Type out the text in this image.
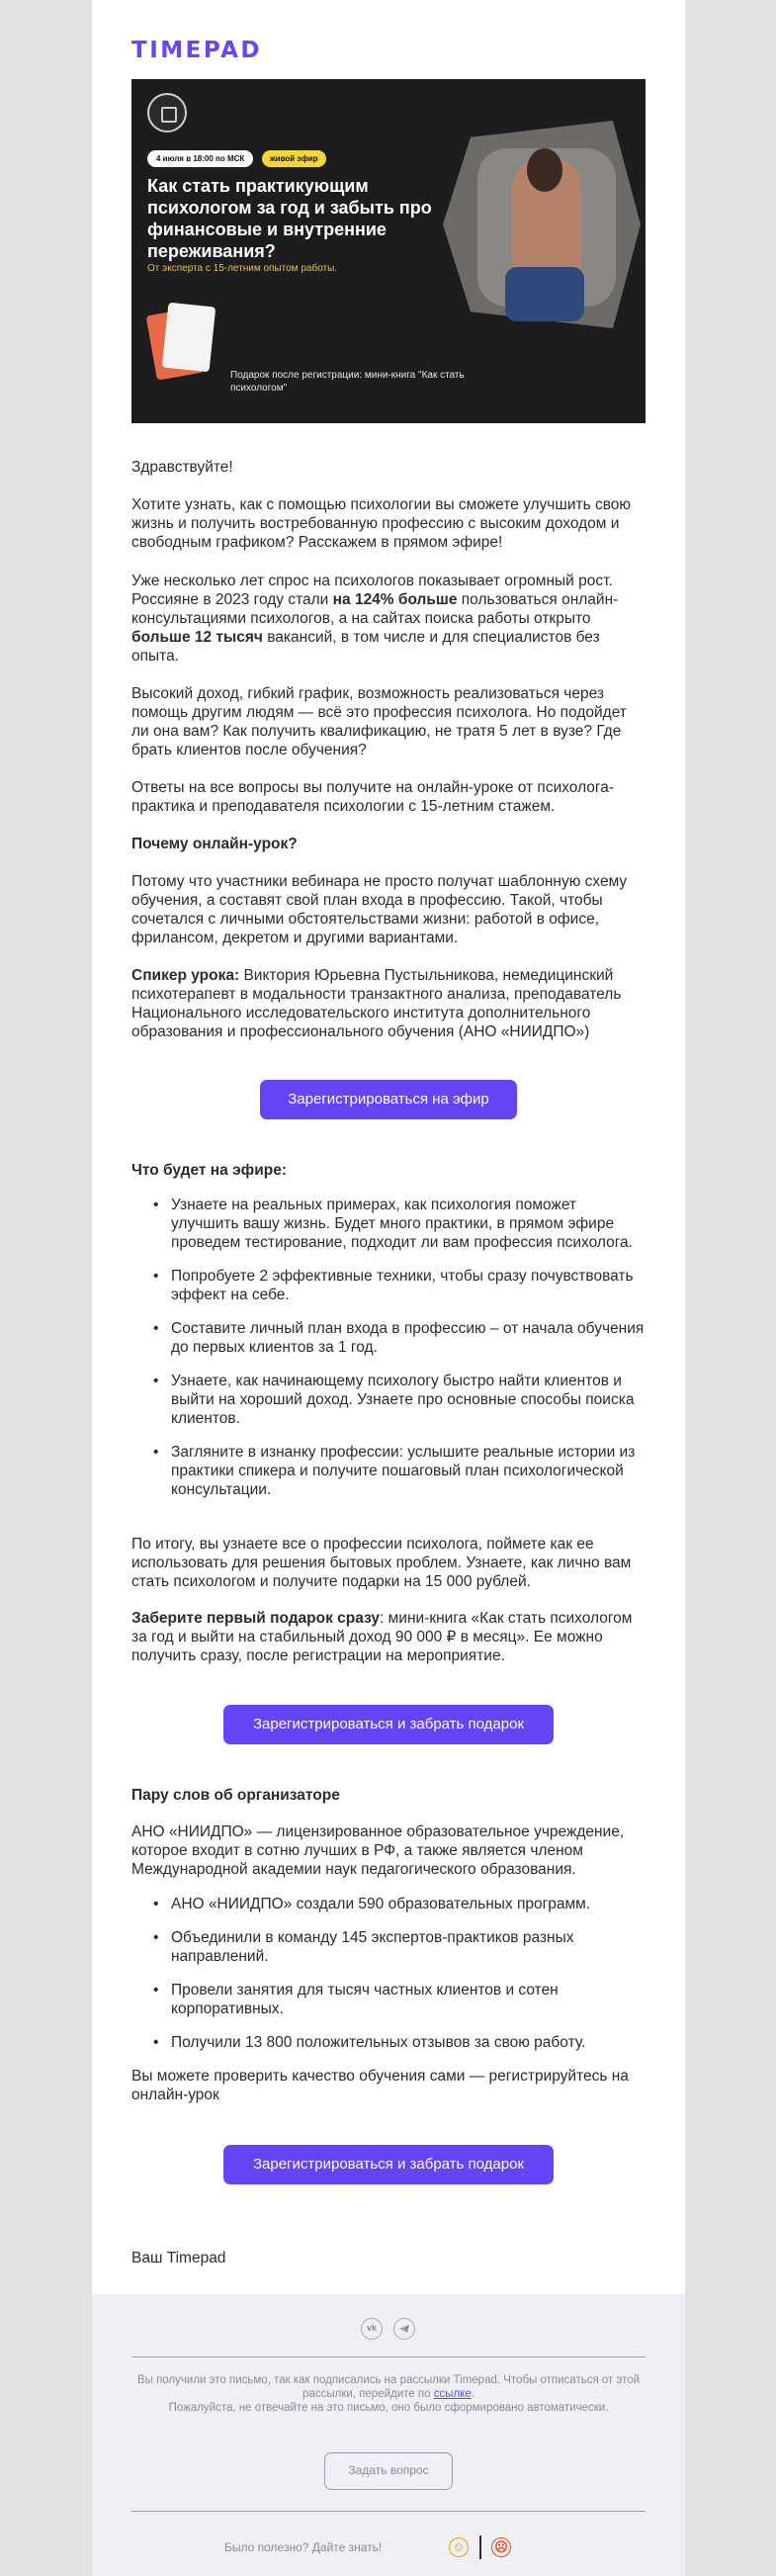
TIMEPAD
4 июля в 18:00 по МСК	живой эфир
Как стать практикующим психологом за год и забыть про финансовые и внутренние переживания?
От эксперта с 15-летним опытом работы.
Подарок после регистрации: мини-книга "Как стать психологом"
Здравствуйте!
Хотите узнать, как с помощью психологии вы сможете улучшить свою жизнь и получить востребованную профессию с высоким доходом и свободным графиком? Расскажем в прямом эфире!
Уже несколько лет спрос на психологов показывает огромный рост. Россияне в 2023 году стали на 124% больше пользоваться онлайн-консультациями психологов, а на сайтах поиска работы открыто больше 12 тысяч вакансий, в том числе и для специалистов без опыта.
Высокий доход, гибкий график, возможность реализоваться через помощь другим людям — всё это профессия психолога. Но подойдет ли она вам? Как получить квалификацию, не тратя 5 лет в вузе? Где брать клиентов после обучения?
Ответы на все вопросы вы получите на онлайн-уроке от психолога-практика и преподавателя психологии с 15-летним стажем.
Почему онлайн-урок?
Потому что участники вебинара не просто получат шаблонную схему обучения, а составят свой план входа в профессию. Такой, чтобы сочетался с личными обстоятельствами жизни: работой в офисе, фрилансом, декретом и другими вариантами.
Спикер урока: Виктория Юрьевна Пустыльникова, немедицинский психотерапевт в модальности транзактного анализа, преподаватель Национального исследовательского института дополнительного образования и профессионального обучения (АНО «НИИДПО»)
Зарегистрироваться на эфир
Что будет на эфире:
• Узнаете на реальных примерах, как психология поможет улучшить вашу жизнь. Будет много практики, в прямом эфире проведем тестирование, подходит ли вам профессия психолога.
• Попробуете 2 эффективные техники, чтобы сразу почувствовать эффект на себе.
• Составите личный план входа в профессию – от начала обучения до первых клиентов за 1 год.
• Узнаете, как начинающему психологу быстро найти клиентов и выйти на хороший доход. Узнаете про основные способы поиска клиентов.
• Загляните в изнанку профессии: услышите реальные истории из практики спикера и получите пошаговый план психологической консультации.
По итогу, вы узнаете все о профессии психолога, поймете как ее использовать для решения бытовых проблем. Узнаете, как лично вам стать психологом и получите подарки на 15 000 рублей.
Заберите первый подарок сразу: мини-книга «Как стать психологом за год и выйти на стабильный доход 90 000 ₽ в месяц». Ее можно получить сразу, после регистрации на мероприятие.
Зарегистрироваться и забрать подарок
Пару слов об организаторе
АНО «НИИДПО» — лицензированное образовательное учреждение, которое входит в сотню лучших в РФ, а также является членом Международной академии наук педагогического образования.
• АНО «НИИДПО» создали 590 образовательных программ.
• Объединили в команду 145 экспертов-практиков разных направлений.
• Провели занятия для тысяч частных клиентов и сотен корпоративных.
• Получили 13 800 положительных отзывов за свою работу.
Вы можете проверить качество обучения сами — регистрируйтесь на онлайн-урок
Зарегистрироваться и забрать подарок
Ваш Timepad
vk
Вы получили это письмо, так как подписались на рассылки Timepad. Чтобы отписаться от этой рассылки, перейдите по ссылке.
Пожалуйста, не отвечайте на это письмо, оно было сформировано автоматически.
Задать вопрос
Было полезно? Дайте знать!	☺ ☹
